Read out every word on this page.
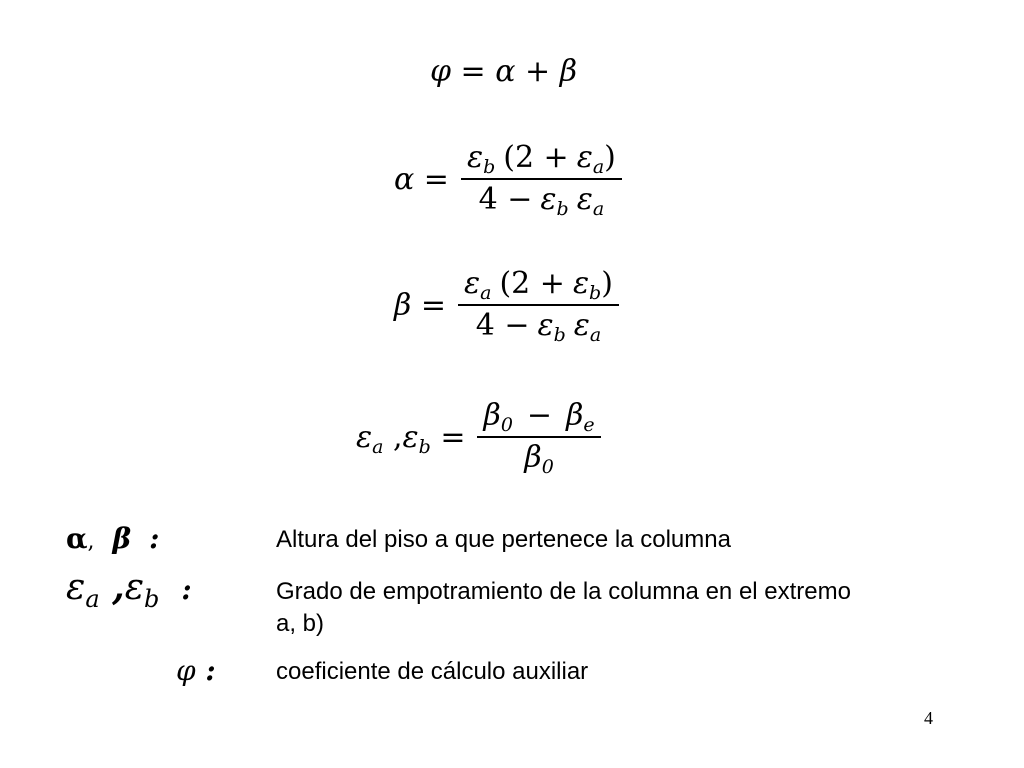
φ = α + β
$\alpha = \frac{\varepsilon_b (2 + \varepsilon_a)}{4 - \varepsilon_b \varepsilon_a}$
$\beta = \frac{\varepsilon_a (2 + \varepsilon_b)}{4 - \varepsilon_b \varepsilon_a}$
$\varepsilon_a$ , $\varepsilon_b = \frac{\beta_0 - \beta_e}{\beta_0}$
α, β :	Altura del piso a que pertenece la columna
$\varepsilon_a$ $,\varepsilon_b$ :	Grado de empotramiento de la columna en el extremo a, b)
φ :	coeficiente de cálculo auxiliar
4
